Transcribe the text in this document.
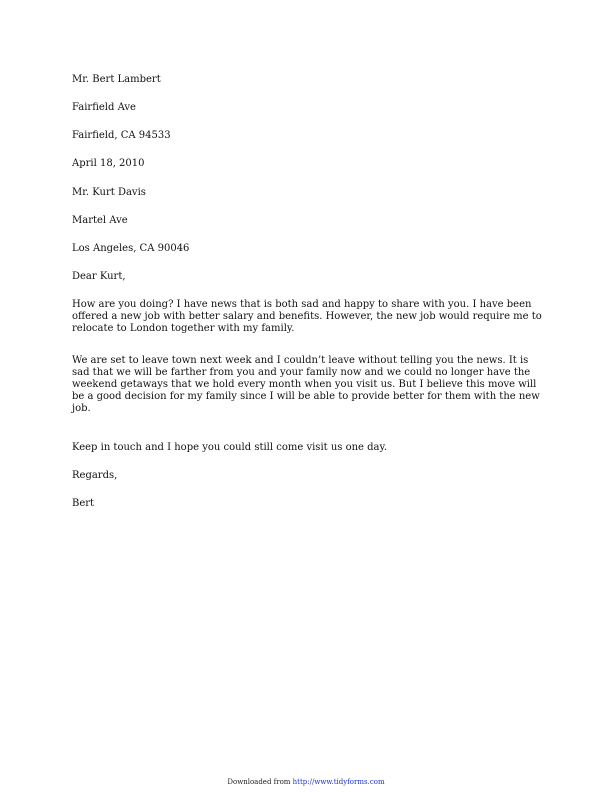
Mr. Bert Lambert
Fairfield Ave
Fairfield, CA 94533
April 18, 2010
Mr. Kurt Davis
Martel Ave
Los Angeles, CA 90046
Dear Kurt,

How are you doing? I have news that is both sad and happy to share with you. I have been offered a new job with better salary and benefits. However, the new job would require me to relocate to London together with my family.

We are set to leave town next week and I couldn’t leave without telling you the news. It is sad that we will be farther from you and your family now and we could no longer have the weekend getaways that we hold every month when you visit us. But I believe this move will be a good decision for my family since I will be able to provide better for them with the new job.

Keep in touch and I hope you could still come visit us one day.

Regards,
Bert
Downloaded from http://www.tidyforms.com
